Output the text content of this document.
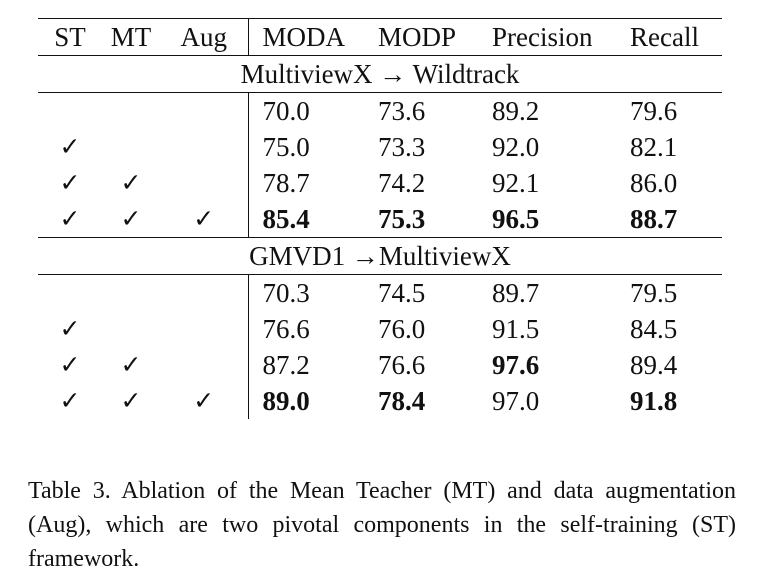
ST	MT	Aug	MODA	MODP	Precision	Recall
MultiviewX → Wildtrack						
			70.0	73.6	89.2	79.6
✓			75.0	73.3	92.0	82.1
✓	✓		78.7	74.2	92.1	86.0
✓	✓	✓	85.4	75.3	96.5	88.7
GMVD1 →MultiviewX						
			70.3	74.5	89.7	79.5
✓			76.6	76.0	91.5	84.5
✓	✓		87.2	76.6	97.6	89.4
✓	✓	✓	89.0	78.4	97.0	91.8

Table 3. Ablation of the Mean Teacher (MT) and data augmentation (Aug), which are two pivotal components in the self-training (ST) framework.
